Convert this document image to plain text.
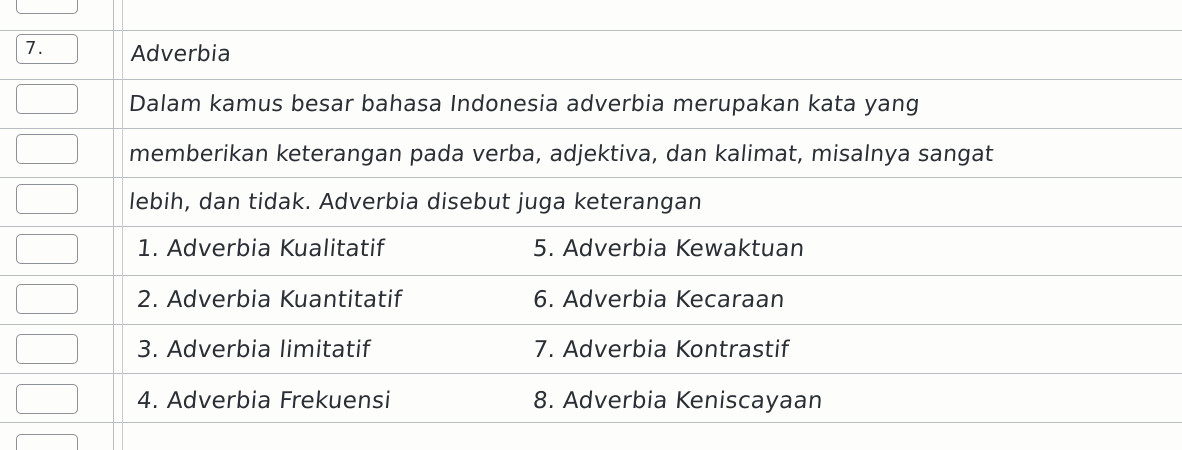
7.	Adverbia
Dalam kamus besar bahasa Indonesia adverbia merupakan kata yang
memberikan keterangan pada verba, adjektiva, dan kalimat, misalnya sangat
lebih, dan tidak. Adverbia disebut juga keterangan
1. Adverbia Kualitatif
2. Adverbia Kuantitatif
3. Adverbia limitatif
4. Adverbia Frekuensi
5. Adverbia Kewaktuan
6. Adverbia Kecaraan
7. Adverbia Kontrastif
8. Adverbia Keniscayaan
